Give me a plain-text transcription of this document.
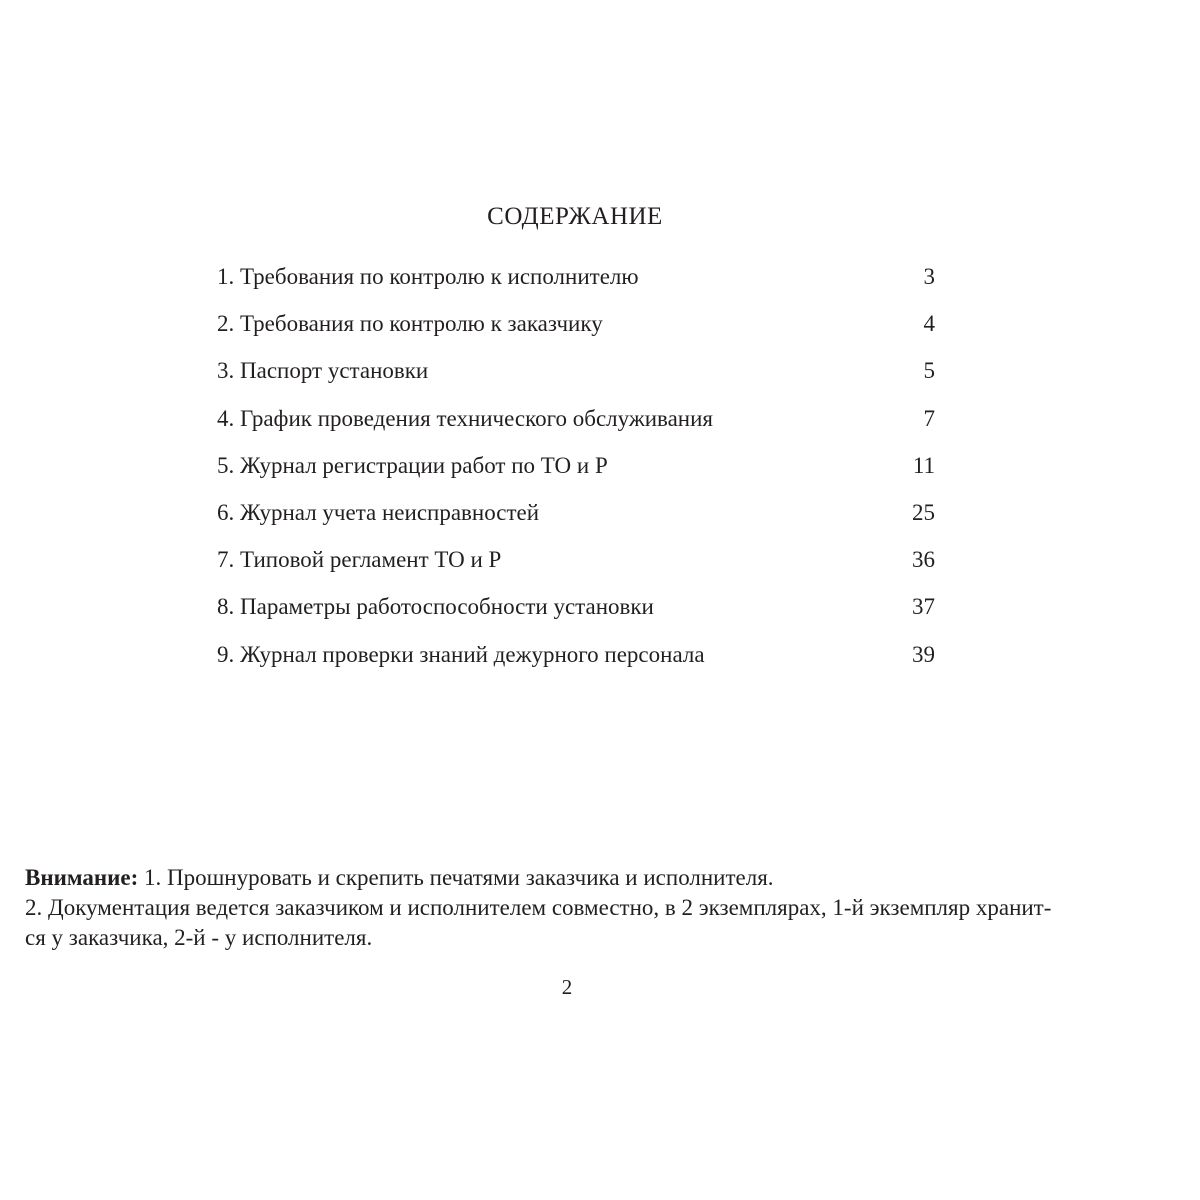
СОДЕРЖАНИЕ
1. Требования по контролю к исполнителю	3
2. Требования по контролю к заказчику	4
3. Паспорт установки	5
4. График проведения технического обслуживания	7
5. Журнал регистрации работ по ТО и Р	11
6. Журнал учета неисправностей	25
7. Типовой регламент ТО и Р	36
8. Параметры работоспособности установки	37
9. Журнал проверки знаний дежурного персонала	39

Внимание: 1. Прошнуровать и скрепить печатями заказчика и исполнителя.

2. Документация ведется заказчиком и исполнителем совместно, в 2 экземплярах, 1-й экземпляр хранит-

ся у заказчика, 2-й - у исполнителя.

2
